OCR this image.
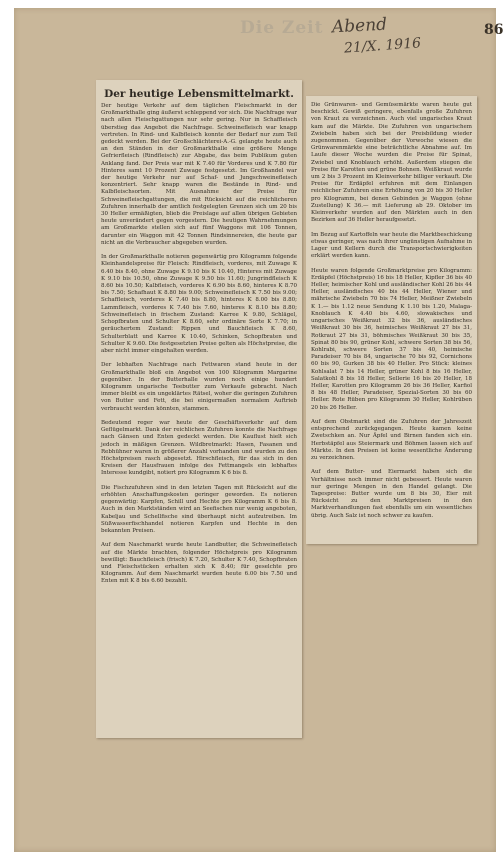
Die Zeit Abend
21/X. 1916
86
Der heutige Lebensmittelmarkt.
Der heutige Verkehr auf dem täglichen Fleischmarkt in der Großmarkthalle ging äußerst schleppend vor sich. Die Nachfrage war nach allen Fleischgattungen nur sehr gering. Nur in Schaffleisch überstieg das Angebot die Nachfrage. Schweinefleisch war knapp vertreten. In Rind- und Kalbfleisch konnte der Bedarf nur zum Teil gedeckt werden. Bei der Großschlächterei-A.-G. gelangte heute auch an den Ständen in der Großmarkthalle eine größere Menge Gefrierfleisch (Rindfleisch) zur Abgabe, das beim Publikum guten Anklang fand. Der Preis war mit K 7.40 für Vorderes und K 7.80 für Hinteres samt 10 Prozent Zuwage festgesetzt. Im Großhandel war der heutige Verkehr nur auf Schaf- und Jungschweinefleisch konzentriert. Sehr knapp waren die Bestände in Rind- und Kalbfleischsorten. Mit Ausnahme der Preise für Schweinefleischgattungen, die mit Rücksicht auf die reichlicheren Zufuhren innerhalb der amtlich festgelegten Grenzen sich um 20 bis 30 Heller ermäßigten, blieb die Preislage auf allen übrigen Gebieten heute unverändert gegen vorgestern. Die heutigen Wahrnehmungen am Großmarkte stellen sich auf fünf Waggons mit 106 Tonnen, darunter ein Waggon mit 42 Tonnen Rindsinnereien, die heute gar nicht an die Verbraucher abgegeben wurden.

In der Großmarkthalle notieren gegenwärtig pro Kilogramm folgende Kleinhandelspreise für Fleisch: Rindfleisch, vorderes, mit Zuwage K 6.40 bis 8.40, ohne Zuwage K 9.10 bis K 10.40, Hinteres mit Zuwage K 9.10 bis 10.50, ohne Zuwage K 9.50 bis 11.60; Jungrindfleisch K 8.60 bis 10.50; Kalbfleisch, vorderes K 6.90 bis 8.60, hinteres K 8.70 bis 7.50; Schafhaut K 8.80 bis 9.00; Schweinefleisch K 7.50 bis 9.00; Schaffleisch, vorderes K 7.40 bis 8.80, hinteres K 8.00 bis 8.80; Lammfleisch, vorderes K 7.40 bis 7.60, hinteres K 8.10 bis 8.80; Schweinefleisch in frischem Zustand: Karree K 9.80, Schlägel, Schopfbraten und Schulter K 8.60, sehr ordinäre Sorte K 7.70; in geräuchertem Zustand: Rippen und Bauchfleisch K 8.60, Schulterblatt und Karree K 10.40, Schinken, Schopfbraten und Schulter K 9.60. Die festgesetzten Preise gelten als Höchstpreise, die aber nicht immer eingehalten werden.

Der lebhaften Nachfrage nach Fettwaren stand heute in der Großmarkthalle bloß ein Angebot von 100 Kilogramm Margarine gegenüber. In der Butterhalle wurden noch einige hundert Kilogramm ungarische Teebutter zum Verkaufe gebracht. Nach immer bleibt es ein ungeklärtes Rätsel, woher die geringen Zufuhren von Butter und Fett, die bei einigermaßen normalem Auftrieb verbraucht werden könnten, stammen.

Bedeutend reger war heute der Geschäftsverkehr auf dem Geflügelmarkt. Dank der reichlichen Zufuhren konnte die Nachfrage nach Gänsen und Enten gedeckt werden. Die Kauflust hielt sich jedoch in mäßigen Grenzen. Wildbretmarkt: Hasen, Fasanen und Rebhühner waren in größerer Anzahl vorhanden und wurden zu den Höchstpreisen rasch abgesetzt. Hirschfleisch, für das sich in den Kreisen der Hausfrauen infolge des Fettmangels ein lebhaftes Interesse kundgibt, notiert pro Kilogramm K 6 bis 8.

Die Fischzufuhren sind in den letzten Tagen mit Rücksicht auf die erhöhten Anschaffungskosten geringer geworden. Es notieren gegenwärtig: Karpfen, Schill und Hechte pro Kilogramm K 6 bis 8. Auch in den Marktständen wird an Seefischen nur wenig angeboten, Kabeljau und Schellfische sind überhaupt nicht aufzutreiben. Im Süßwasserfischhandel notieren Karpfen und Hechte in den bekannten Preisen.

Auf dem Naschmarkt wurde heute Landbutter, die Schweinefleisch auf die Märkte brachten, folgender Höchstpreis pro Kilogramm bewilligt: Bauchfleisch (frisch) K 7.20, Schulter K 7.40, Schopfbraten und Fleischstücken erhalten sich K 8.40; für geselchte pro Kilogramm. Auf dem Naschmarkt wurden heute 6.00 bis 7.50 und Enten mit K 8 bis 6.60 bezahlt.
Die Grünwaren- und Gemüsemärkte waren heute gut beschickt. Gewiß geringere, ebenfalls große Zufuhren von Kraut zu verzeichnen. Auch viel ungarisches Kraut kam auf die Märkte. Die Zufuhren von ungarischem Zwiebeln haben sich bei der Preisbildung wieder zugenommen. Gegenüber der Vorwoche wiesen die Grünwarenmärkte eine beträchtliche Abnahme auf. Im Laufe dieser Woche wurden die Preise für Spinat, Zwiebel und Knoblauch erhöht. Außerdem stiegen die Preise für Karotten und grüne Bohnen. Weißkraut wurde um 2 bis 3 Prozent im Kleinverkehr billiger verkauft. Die Preise für Erdäpfel erfuhren mit dem Einlangen reichlicher Zufuhren eine Erhöhung von 20 bis 30 Heller pro Kilogramm, bei denen Gebinden je Waggon (ohne Zustellung) K 36.— mit Lieferung ab 29. Oktober im Kleinverkehr wurden auf den Märkten auch in den Bezirken auf 36 Heller heraufgesetzt.

Im Bezug auf Kartoffeln war heute die Marktbeschickung etwas geringer, was nach ihrer ungünstigen Aufnahme in Lager und Kellern durch die Transportschwierigkeiten erklärt werden kann.

Heute waren folgende Großmarktpreise pro Kilogramm: Erdäpfel (Höchstpreis) 16 bis 18 Heller, Kipfler 36 bis 40 Heller, heimischer Kohl und ausländischer Kohl 26 bis 44 Heller, ausländisches 40 bis 44 Heller, Wiener und mährische Zwiebeln 70 bis 74 Heller, Meißner Zwiebeln K 1.— bis 1.12 neue Sendung K 1.10 bis 1.20, Malaga-Knoblauch K 4.40 bis 4.60, slowakisches und ungarisches Weißkraut 32 bis 36, ausländisches Weißkraut 30 bis 36, heimisches Weißkraut 27 bis 31, Rotkraut 27 bis 31, böhmisches Weißkraut 30 bis 35, Spinat 80 bis 90, grüner Kohl, schwere Sorten 38 bis 56, Kohlrabi, schwere Sorten 37 bis 40, heimische Paradeiser 70 bis 84, ungarische 70 bis 92, Cornichons 60 bis 90, Gurken 38 bis 40 Heller. Pro Stück: kleines Kohlsalat 7 bis 14 Heller, grüner Kohl 8 bis 16 Heller, Salatkohl 8 bis 18 Heller, Sellerie 16 bis 20 Heller, 18 Heller, Karotten pro Kilogramm 26 bis 36 Heller, Karfiol 8 bis 48 Heller, Paradeiser, Spezial-Sorten 30 bis 60 Heller. Rote Rüben pro Kilogramm 30 Heller, Kohlrüben 20 bis 26 Heller.

Auf dem Obstmarkt sind die Zufuhren der Jahreszeit entsprechend zurückgegangen. Heute kamen keine Zwetschken an. Nur Äpfel und Birnen fanden sich ein. Herbstäpfel aus Steiermark und Böhmen lassen sich auf Märkte. In den Preisen ist keine wesentliche Änderung zu verzeichnen.

Auf dem Butter- und Eiermarkt haben sich die Verhältnisse noch immer nicht gebessert. Heute waren nur geringe Mengen in den Handel gelangt. Die Tagespreise: Butter wurde um 8 bis 30, Eier mit Rücksicht zu den Marktpreisen in den Marktverhandlungen fast ebenfalls um ein wesentliches übrig. Auch Salz ist noch schwer zu kaufen.
